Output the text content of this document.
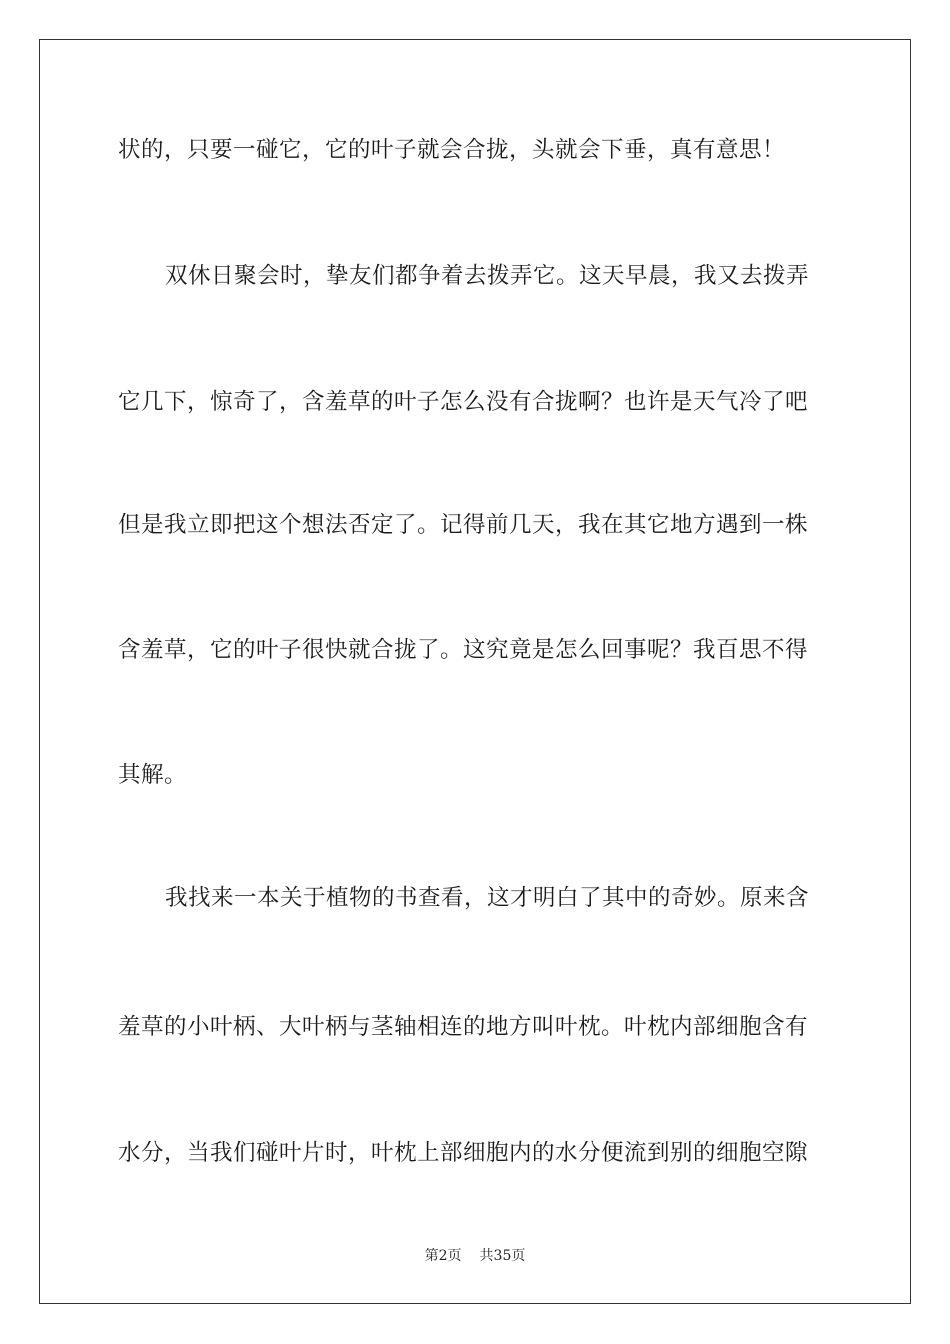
状的，只要一碰它，它的叶子就会合拢，头就会下垂，真有意思！
双休日聚会时，挚友们都争着去拨弄它。这天早晨，我又去拨弄
它几下，惊奇了，含羞草的叶子怎么没有合拢啊？也许是天气冷了吧
但是我立即把这个想法否定了。记得前几天，我在其它地方遇到一株
含羞草，它的叶子很快就合拢了。这究竟是怎么回事呢？我百思不得
其解。
我找来一本关于植物的书查看，这才明白了其中的奇妙。原来含
羞草的小叶柄、大叶柄与茎轴相连的地方叫叶枕。叶枕内部细胞含有
水分，当我们碰叶片时，叶枕上部细胞内的水分便流到别的细胞空隙
第2页 共35页
